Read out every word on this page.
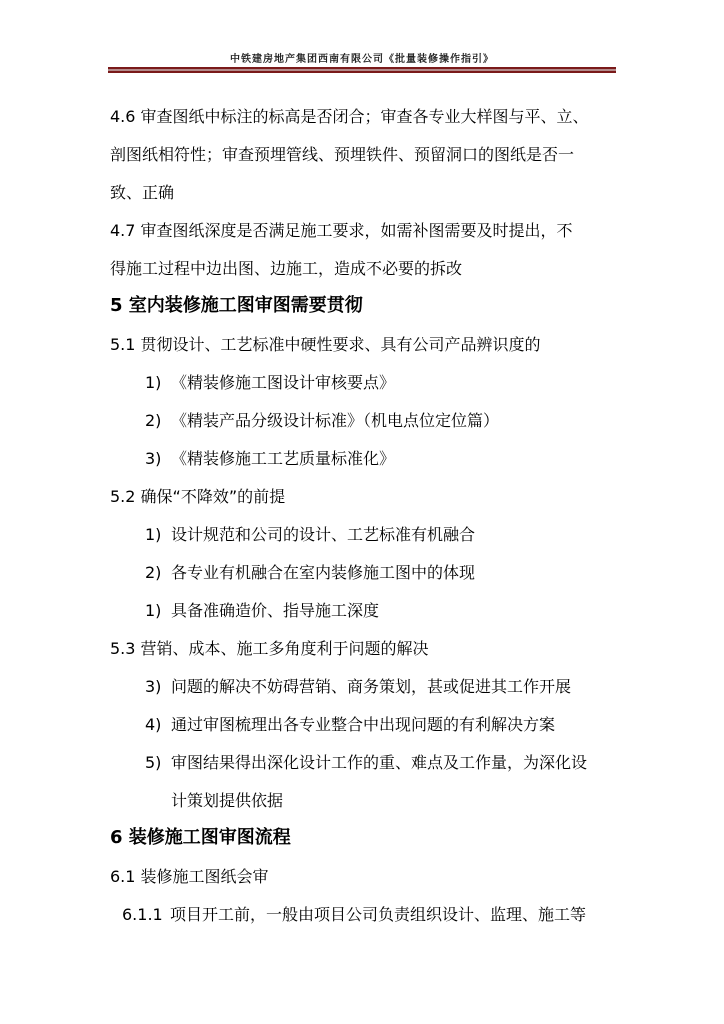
中铁建房地产集团西南有限公司《批量装修操作指引》
4.6 审查图纸中标注的标高是否闭合；审查各专业大样图与平、立、
剖图纸相符性；审查预埋管线、预埋铁件、预留洞口的图纸是否一
致、正确
4.7 审查图纸深度是否满足施工要求，如需补图需要及时提出，不
得施工过程中边出图、边施工，造成不必要的拆改
5 室内装修施工图审图需要贯彻
5.1 贯彻设计、工艺标准中硬性要求、具有公司产品辨识度的
1) 《精装修施工图设计审核要点》
2) 《精装产品分级设计标准》（机电点位定位篇）
3) 《精装修施工工艺质量标准化》
5.2 确保“不降效”的前提
1) 设计规范和公司的设计、工艺标准有机融合
2) 各专业有机融合在室内装修施工图中的体现
1) 具备准确造价、指导施工深度
5.3 营销、成本、施工多角度利于问题的解决
3) 问题的解决不妨碍营销、商务策划，甚或促进其工作开展
4) 通过审图梳理出各专业整合中出现问题的有利解决方案
5) 审图结果得出深化设计工作的重、难点及工作量，为深化设
计策划提供依据
6 装修施工图审图流程
6.1 装修施工图纸会审
6.1.1 项目开工前，一般由项目公司负责组织设计、监理、施工等
